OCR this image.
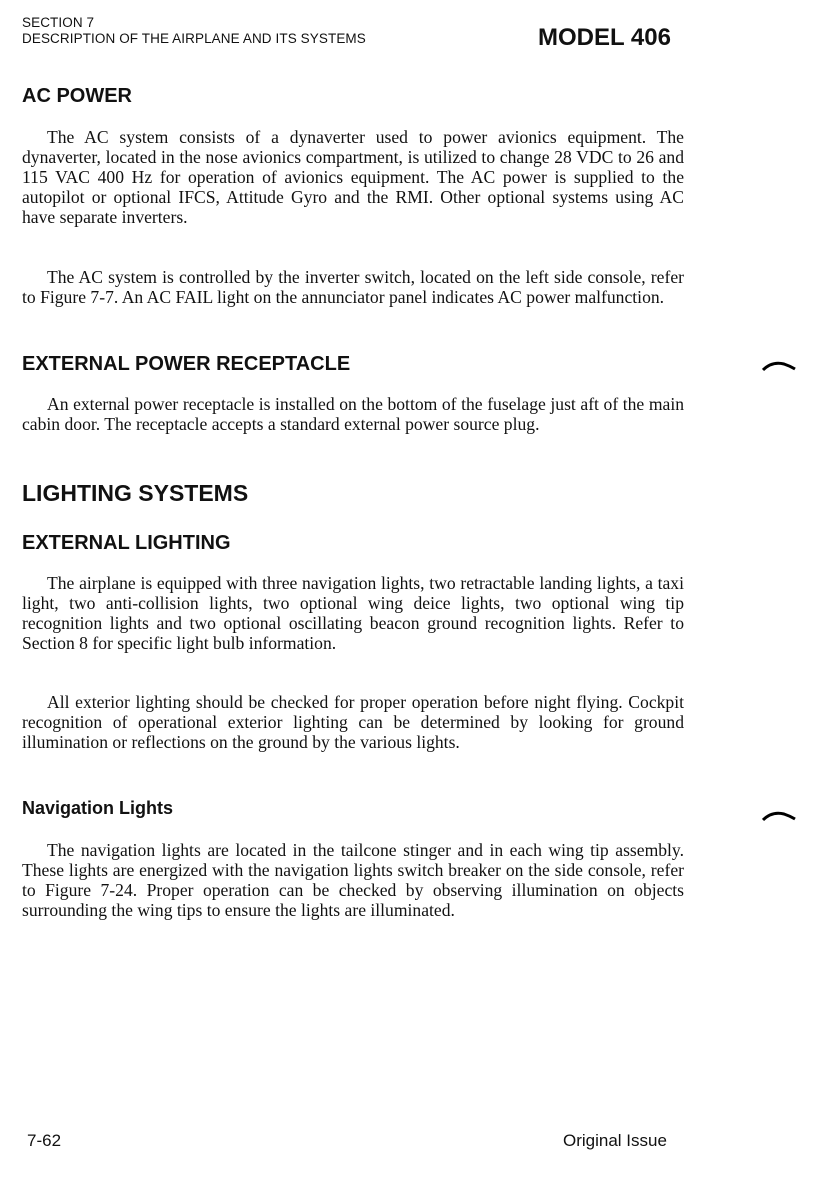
SECTION 7
DESCRIPTION OF THE AIRPLANE AND ITS SYSTEMS	MODEL 406
AC POWER

The AC system consists of a dynaverter used to power avionics equipment. The dynaverter, located in the nose avionics compartment, is utilized to change 28 VDC to 26 and 115 VAC 400 Hz for operation of avionics equipment. The AC power is supplied to the autopilot or optional IFCS, Attitude Gyro and the RMI. Other optional systems using AC have separate inverters.

The AC system is controlled by the inverter switch, located on the left side console, refer to Figure 7-7. An AC FAIL light on the annunciator panel indicates AC power malfunction.

EXTERNAL POWER RECEPTACLE

An external power receptacle is installed on the bottom of the fuselage just aft of the main cabin door. The receptacle accepts a standard external power source plug.

LIGHTING SYSTEMS
EXTERNAL LIGHTING

The airplane is equipped with three navigation lights, two retractable landing lights, a taxi light, two anti-collision lights, two optional wing deice lights, two optional wing tip recognition lights and two optional oscillating beacon ground recognition lights. Refer to Section 8 for specific light bulb information.

All exterior lighting should be checked for proper operation before night flying. Cockpit recognition of operational exterior lighting can be determined by looking for ground illumination or reflections on the ground by the various lights.

Navigation Lights

The navigation lights are located in the tailcone stinger and in each wing tip assembly. These lights are energized with the navigation lights switch breaker on the side console, refer to Figure 7-24. Proper operation can be checked by observing illumination on objects surrounding the wing tips to ensure the lights are illuminated.

7-62	Original Issue
